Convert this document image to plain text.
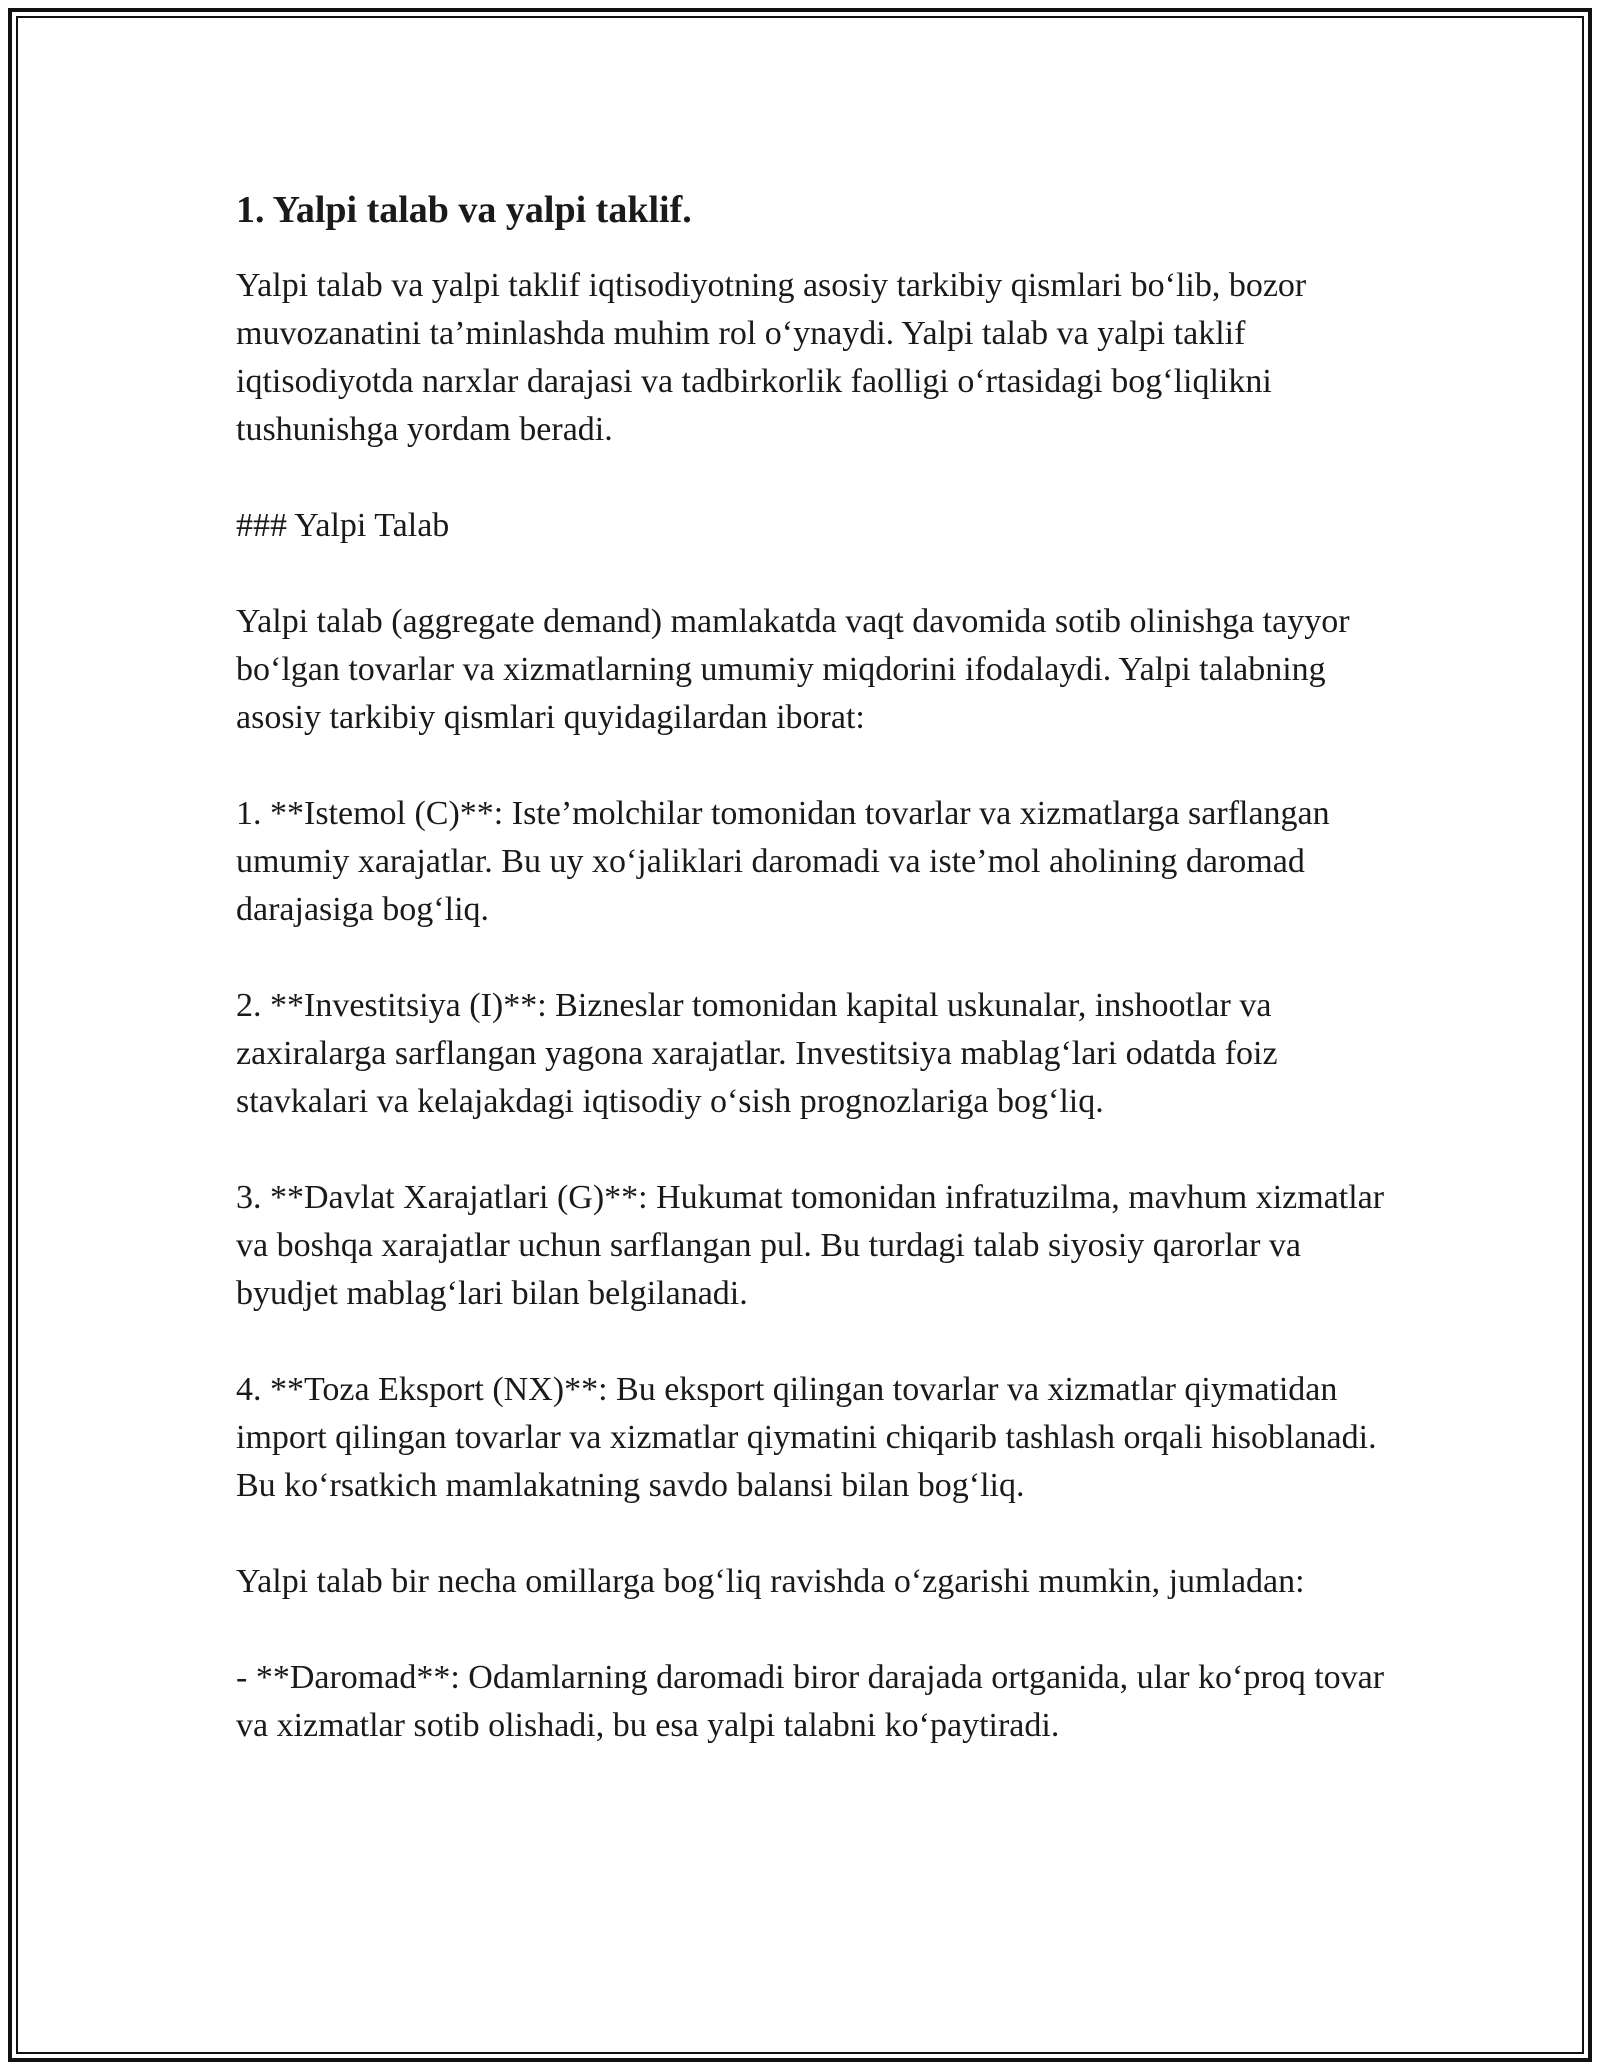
1. Yalpi talab va yalpi taklif.

Yalpi talab va yalpi taklif iqtisodiyotning asosiy tarkibiy qismlari bo‘lib, bozor muvozanatini ta’minlashda muhim rol o‘ynaydi. Yalpi talab va yalpi taklif iqtisodiyotda narxlar darajasi va tadbirkorlik faolligi o‘rtasidagi bog‘liqlikni tushunishga yordam beradi.

### Yalpi Talab

Yalpi talab (aggregate demand) mamlakatda vaqt davomida sotib olinishga tayyor bo‘lgan tovarlar va xizmatlarning umumiy miqdorini ifodalaydi. Yalpi talabning asosiy tarkibiy qismlari quyidagilardan iborat:

1. **Istemol (C)**: Iste’molchilar tomonidan tovarlar va xizmatlarga sarflangan umumiy xarajatlar. Bu uy xo‘jaliklari daromadi va iste’mol aholining daromad darajasiga bog‘liq.

2. **Investitsiya (I)**: Bizneslar tomonidan kapital uskunalar, inshootlar va zaxiralarga sarflangan yagona xarajatlar. Investitsiya mablag‘lari odatda foiz stavkalari va kelajakdagi iqtisodiy o‘sish prognozlariga bog‘liq.

3. **Davlat Xarajatlari (G)**: Hukumat tomonidan infratuzilma, mavhum xizmatlar va boshqa xarajatlar uchun sarflangan pul. Bu turdagi talab siyosiy qarorlar va byudjet mablag‘lari bilan belgilanadi.

4. **Toza Eksport (NX)**: Bu eksport qilingan tovarlar va xizmatlar qiymatidan import qilingan tovarlar va xizmatlar qiymatini chiqarib tashlash orqali hisoblanadi. Bu ko‘rsatkich mamlakatning savdo balansi bilan bog‘liq.

Yalpi talab bir necha omillarga bog‘liq ravishda o‘zgarishi mumkin, jumladan:

- **Daromad**: Odamlarning daromadi biror darajada ortganida, ular ko‘proq tovar va xizmatlar sotib olishadi, bu esa yalpi talabni ko‘paytiradi.
